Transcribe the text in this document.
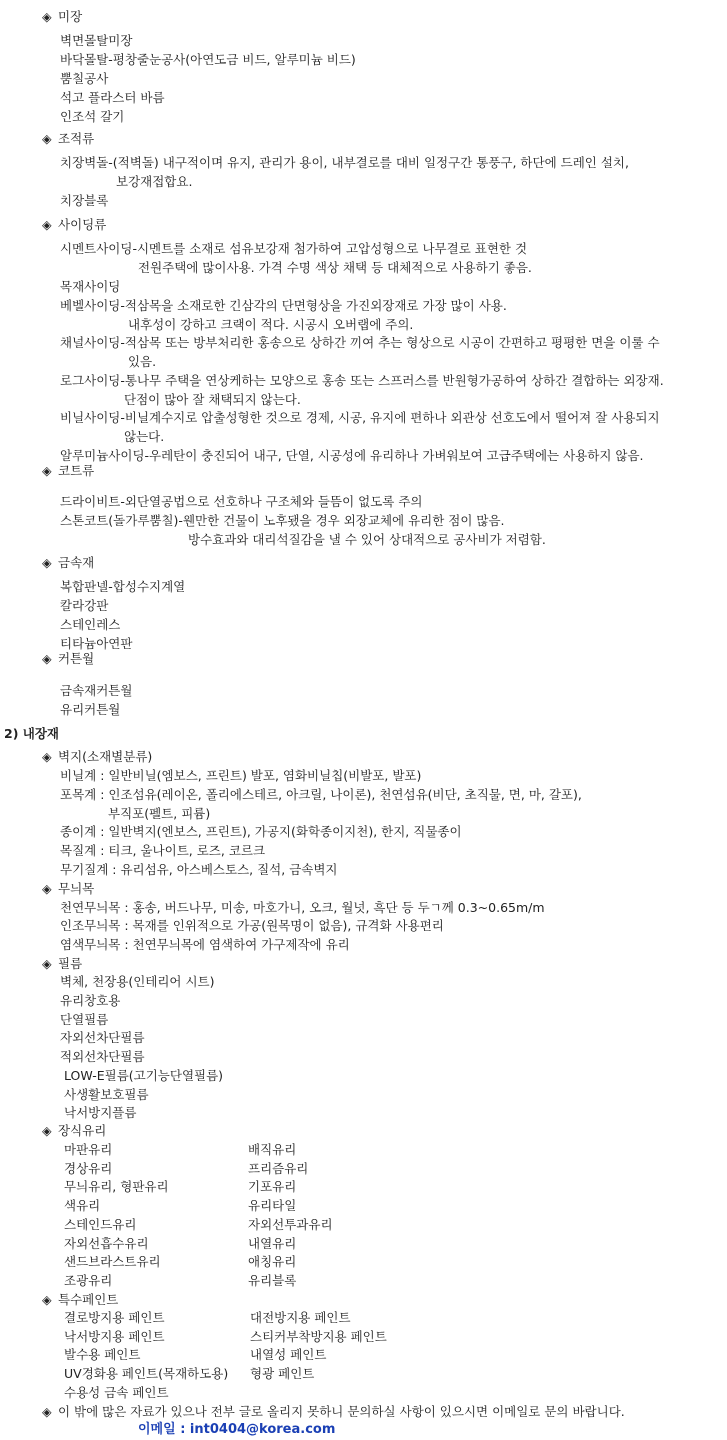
◈ 미장
벽면몰탈미장
바닥몰탈-평창줄눈공사(아연도금 비드, 알루미늄 비드)
뿜칠공사
석고 플라스터 바름
인조석 갈기
◈ 조적류
치장벽돌-(적벽돌) 내구적이며 유지, 관리가 용이, 내부결로를 대비 일정구간 통풍구, 하단에 드레인 설치,
보강재접합요.
치장블록
◈ 사이딩류
시멘트사이딩-시멘트를 소재로 섬유보강재 첨가하여 고압성형으로 나무결로 표현한 것
전원주택에 많이사용. 가격 수명 색상 채택 등 대체적으로 사용하기 좋음.
목재사이딩
베벨사이딩-적삼목을 소재로한 긴삼각의 단면형상을 가진외장재로 가장 많이 사용.
내후성이 강하고 크랙이 적다. 시공시 오버랩에 주의.
채널사이딩-적삼목 또는 방부처리한 홍송으로 상하간 끼여 추는 형상으로 시공이 간편하고 평평한 면을 이룰 수
있음.
로그사이딩-통나무 주택을 연상케하는 모양으로 홍송 또는 스프러스를 반원형가공하여 상하간 결합하는 외장재.
단점이 많아 잘 채택되지 않는다.
비닐사이딩-비닐계수지로 압출성형한 것으로 경제, 시공, 유지에 편하나 외관상 선호도에서 떨어져 잘 사용되지
않는다.
알루미늄사이딩-우레탄이 충진되어 내구, 단열, 시공성에 유리하나 가벼워보여 고급주택에는 사용하지 않음.
◈ 코트류
드라이비트-외단열공법으로 선호하나 구조체와 들뜸이 없도록 주의
스톤코트(돌가루뿜칠)-웬만한 건물이 노후됐을 경우 외장교체에 유리한 점이 많음.
방수효과와 대리석질감을 낼 수 있어 상대적으로 공사비가 저렴함.
◈ 금속재
복합판넬-합성수지계열
칼라강판
스테인레스
티타늄아연판
◈ 커튼월
금속재커튼월
유리커튼월
2) 내장재
◈ 벽지(소재별분류)
비닐계 : 일반비닐(엠보스, 프린트) 발포, 염화비닐칩(비발포, 발포)
포목계 : 인조섬유(레이온, 폴리에스테르, 아크릴, 나이론), 천연섬유(비단, 초직물, 면, 마, 갈포),
부직포(펠트, 피륨)
종이계 : 일반벽지(엔보스, 프린트), 가공지(화학종이지천), 한지, 직물종이
목질계 : 티크, 울나이트, 로즈, 코르크
무기질계 : 유리섬유, 아스베스토스, 질석, 금속벽지
◈ 무늬목
천연무늬목 : 홍송, 버드나무, 미송, 마호가니, 오크, 월넛, 흑단 등 두ㄱ께 0.3~0.65m/m
인조무늬목 : 목재를 인위적으로 가공(원목명이 없음), 규격화 사용편리
염색무늬목 : 천연무늬목에 염색하여 가구제작에 유리
◈ 필름
벽체, 천장용(인테리어 시트)
유리창호용
단열필름
자외선차단필름
적외선차단필름
LOW-E필름(고기능단열필름)
사생활보호필름
낙서방지플름
◈ 장식유리
마판유리	배직유리
경상유리	프리즘유리
무늬유리, 형판유리	기포유리
색유리	유리타일
스테인드유리	자외선투과유리
자외선흡수유리	내열유리
샌드브라스트유리	애칭유리
조광유리	유리블록
◈ 특수페인트
결로방지용 페인트	대전방지용 페인트
낙서방지용 페인트	스티커부착방지용 페인트
발수용 페인트	내열성 페인트
UV경화용 페인트(목재하도용) 형광 페인트
수용성 금속 페인트
◈ 이 밖에 많은 자료가 있으나 전부 글로 올리지 못하니 문의하실 사항이 있으시면 이메일로 문의 바랍니다.
이메일 : int0404@korea.com
